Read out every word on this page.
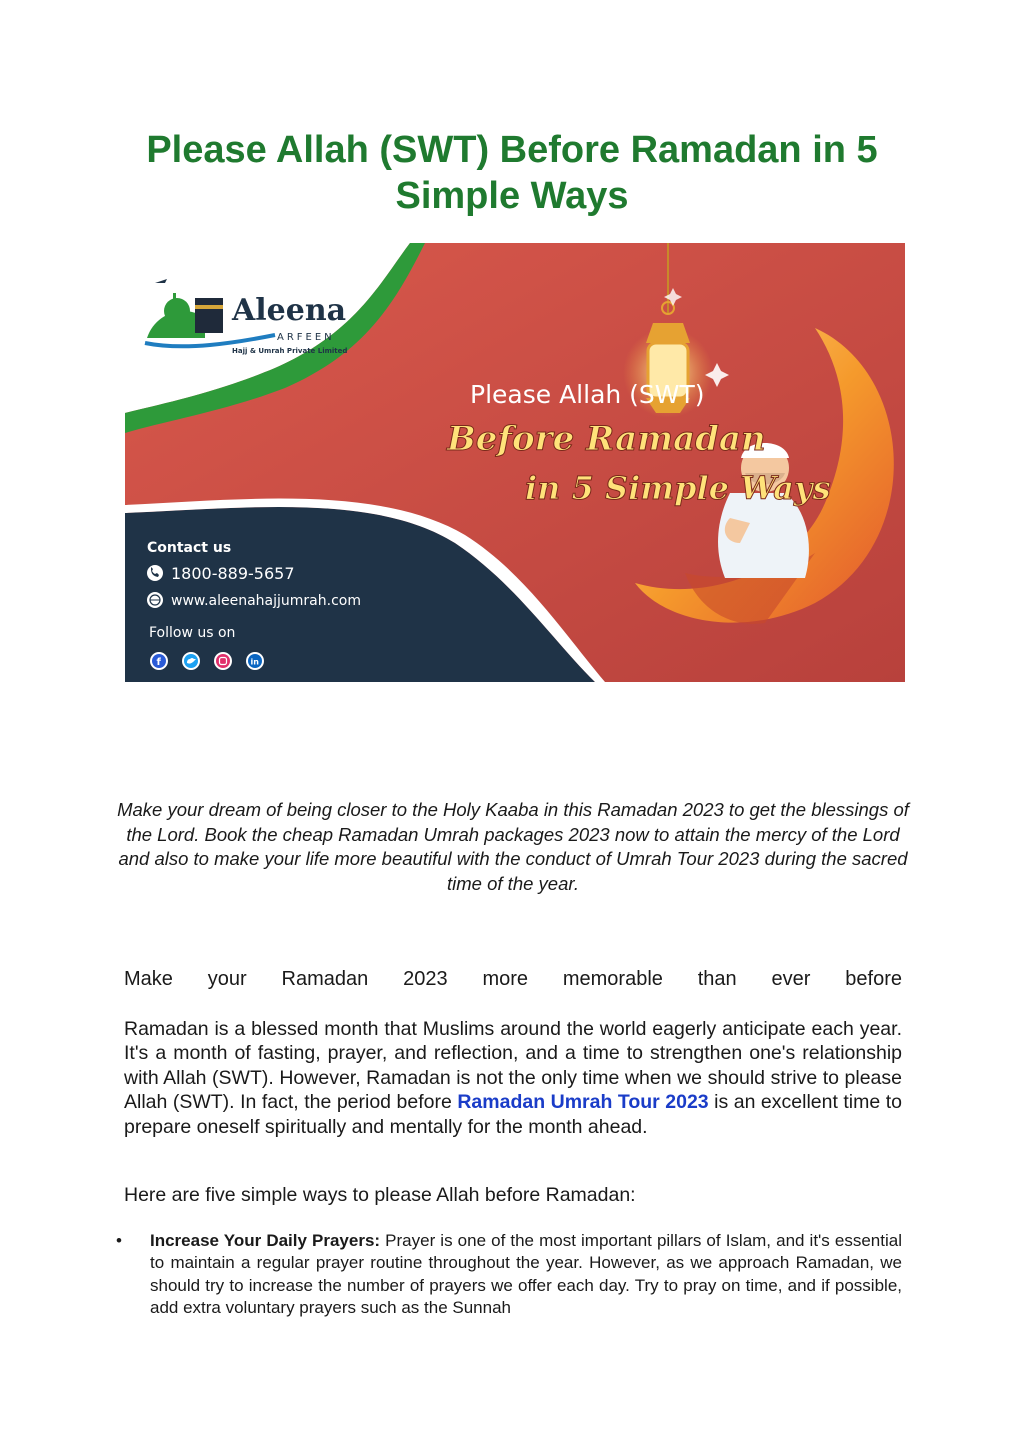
Please Allah (SWT) Before Ramadan in 5 Simple Ways
Please Allah (SWT)
Before Ramadan
in 5 Simple Ways
Aleena
ARFEEN
Hajj & Umrah Private Limited
Contact us
1800-889-5657
www.aleenahajjumrah.com
Follow us on
f	in

Make your dream of being closer to the Holy Kaaba in this Ramadan 2023 to get the blessings of the Lord. Book the cheap Ramadan Umrah packages 2023 now to attain the mercy of the Lord and also to make your life more beautiful with the conduct of Umrah Tour 2023 during the sacred time of the year.

Make your Ramadan 2023 more memorable than ever before

Ramadan is a blessed month that Muslims around the world eagerly anticipate each year. It's a month of fasting, prayer, and reflection, and a time to strengthen one's relationship with Allah (SWT). However, Ramadan is not the only time when we should strive to please Allah (SWT). In fact, the period before Ramadan Umrah Tour 2023 is an excellent time to prepare oneself spiritually and mentally for the month ahead.

Here are five simple ways to please Allah before Ramadan:

• Increase Your Daily Prayers: Prayer is one of the most important pillars of Islam, and it's essential to maintain a regular prayer routine throughout the year. However, as we approach Ramadan, we should try to increase the number of prayers we offer each day. Try to pray on time, and if possible, add extra voluntary prayers such as the Sunnah
